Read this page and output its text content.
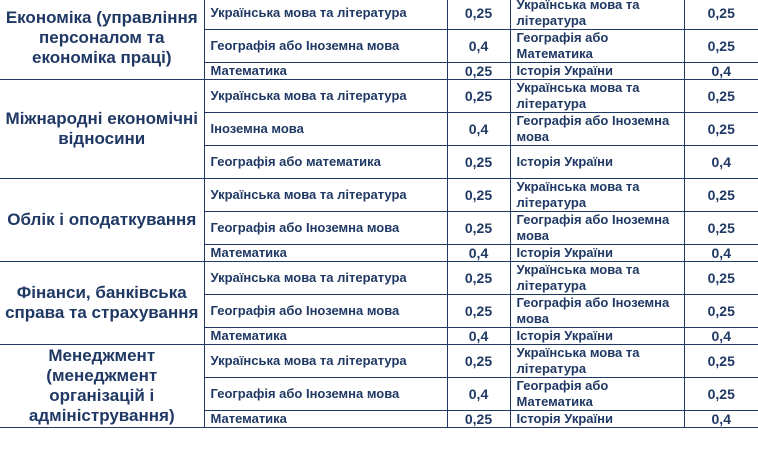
Економіка (управління персоналом та економіка праці)	Українська мова та література	0,25	Українська мова та література	0,25
	Географія або Іноземна мова	0,4	Географія або Математика	0,25
	Математика	0,25	Історія України	0,4
Міжнародні економічні відносини	Українська мова та література	0,25	Українська мова та література	0,25
	Іноземна мова	0,4	Географія або Іноземна мова	0,25
	Географія або математика	0,25	Історія України	0,4
Облік і оподаткування	Українська мова та література	0,25	Українська мова та література	0,25
	Географія або Іноземна мова	0,25	Географія або Іноземна мова	0,25
	Математика	0,4	Історія України	0,4
Фінанси, банківська справа та страхування	Українська мова та література	0,25	Українська мова та література	0,25
	Географія або Іноземна мова	0,25	Географія або Іноземна мова	0,25
	Математика	0,4	Історія України	0,4
Менеджмент (менеджмент організацій і адміністрування)	Українська мова та література	0,25	Українська мова та література	0,25
	Географія або Іноземна мова	0,4	Географія або Математика	0,25
	Математика	0,25	Історія України	0,4
